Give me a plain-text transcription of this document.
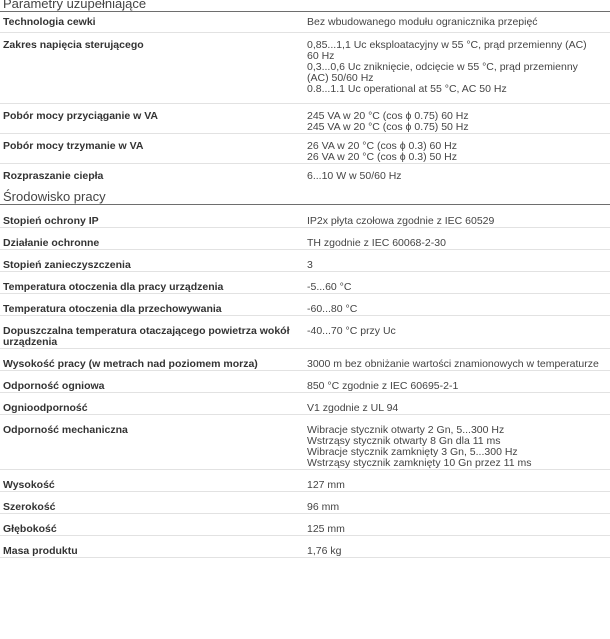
Parametry uzupełniające
Technologia cewki	Bez wbudowanego modułu ogranicznika przepięć

Zakres napięcia sterującego	0,85...1,1 Uc eksploatacyjny w 55 °C, prąd przemienny (AC)
60 Hz
0,3...0,6 Uc zniknięcie, odcięcie w 55 °C, prąd przemienny
(AC) 50/60 Hz
0.8...1.1 Uc operational at 55 °C, AC 50 Hz

Pobór mocy przyciąganie w VA	245 VA w 20 °C (cos ϕ 0.75) 60 Hz
245 VA w 20 °C (cos ϕ 0.75) 50 Hz

Pobór mocy trzymanie w VA	26 VA w 20 °C (cos ϕ 0.3) 60 Hz
26 VA w 20 °C (cos ϕ 0.3) 50 Hz

Rozpraszanie ciepła	6...10 W w 50/60 Hz
Środowisko pracy
Stopień ochrony IP	IP2x płyta czołowa zgodnie z IEC 60529

Działanie ochronne	TH zgodnie z IEC 60068-2-30

Stopień zanieczyszczenia	3

Temperatura otoczenia dla pracy urządzenia	-5...60 °C

Temperatura otoczenia dla przechowywania	-60...80 °C

Dopuszczalna temperatura otaczającego powietrza wokół urządzenia	-40...70 °C przy Uc

Wysokość pracy (w metrach nad poziomem morza)	3000 m bez obniżanie wartości znamionowych w temperaturze

Odporność ogniowa	850 °C zgodnie z IEC 60695-2-1

Ognioodporność	V1 zgodnie z UL 94

Odporność mechaniczna	Wibracje stycznik otwarty 2 Gn, 5...300 Hz
Wstrząsy stycznik otwarty 8 Gn dla 11 ms
Wibracje stycznik zamknięty 3 Gn, 5...300 Hz
Wstrząsy stycznik zamknięty 10 Gn przez 11 ms

Wysokość	127 mm

Szerokość	96 mm

Głębokość	125 mm

Masa produktu	1,76 kg
